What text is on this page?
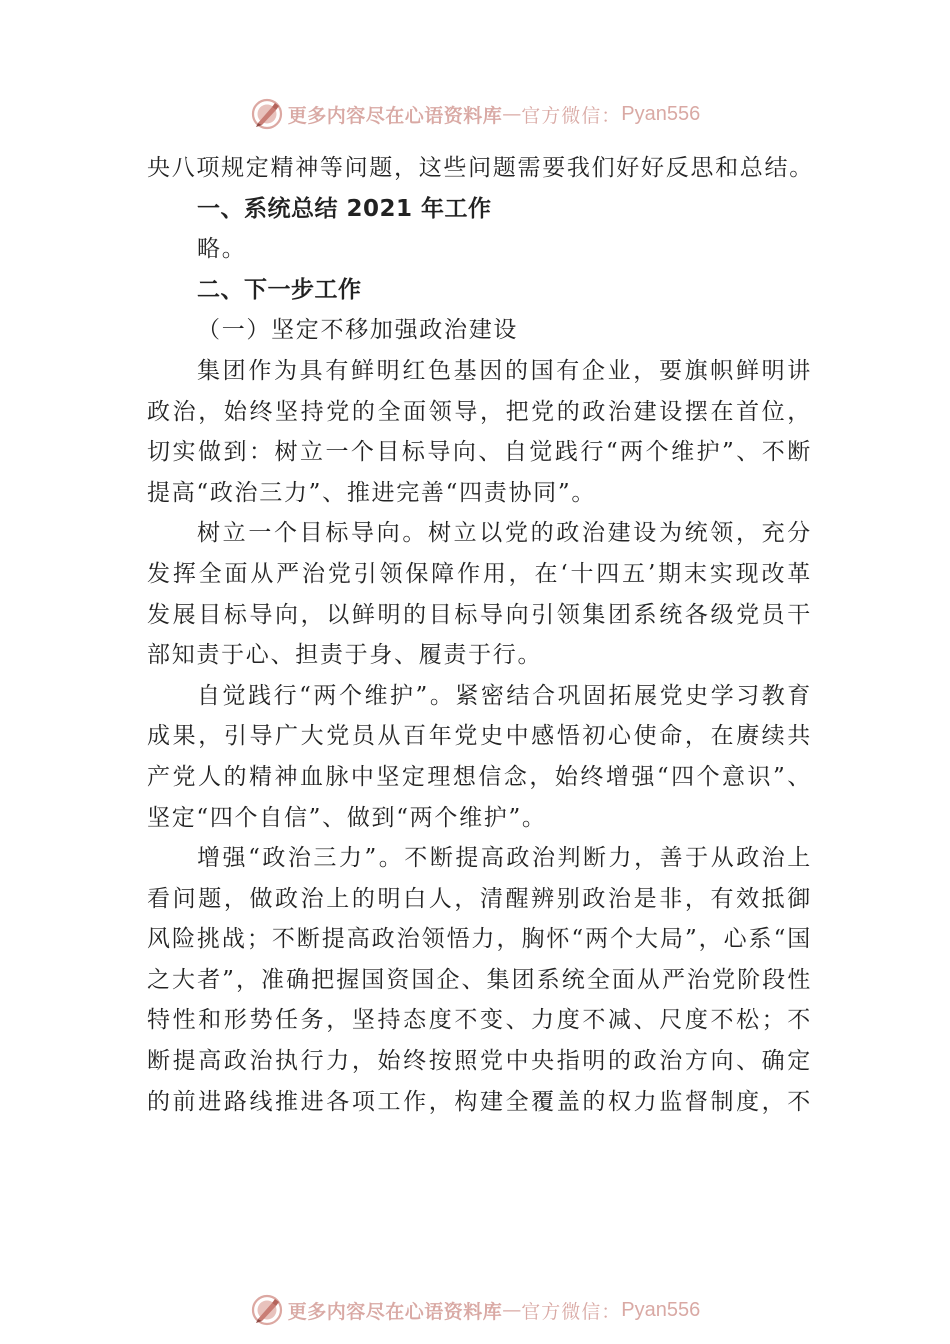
更多内容尽在心语资料库 — 官方微信： Pyan556
央八项规定精神等问题，这些问题需要我们好好反思和总结。
一、系统总结 2021 年工作
略。
二、下一步工作
（一）坚定不移加强政治建设
集团作为具有鲜明红色基因的国有企业，要旗帜鲜明讲
政治，始终坚持党的全面领导，把党的政治建设摆在首位，
切实做到：树立一个目标导向、自觉践行“两个维护”、不断
提高“政治三力”、推进完善“四责协同”。
树立一个目标导向。树立以党的政治建设为统领，充分
发挥全面从严治党引领保障作用，在‘十四五’期末实现改革
发展目标导向，以鲜明的目标导向引领集团系统各级党员干
部知责于心、担责于身、履责于行。
自觉践行“两个维护”。紧密结合巩固拓展党史学习教育
成果，引导广大党员从百年党史中感悟初心使命，在赓续共
产党人的精神血脉中坚定理想信念，始终增强“四个意识”、
坚定“四个自信”、做到“两个维护”。
增强“政治三力”。不断提高政治判断力，善于从政治上
看问题，做政治上的明白人，清醒辨别政治是非，有效抵御
风险挑战；不断提高政治领悟力，胸怀“两个大局”，心系“国
之大者”，准确把握国资国企、集团系统全面从严治党阶段性
特性和形势任务，坚持态度不变、力度不减、尺度不松；不
断提高政治执行力，始终按照党中央指明的政治方向、确定
的前进路线推进各项工作，构建全覆盖的权力监督制度，不
更多内容尽在心语资料库 — 官方微信： Pyan556
